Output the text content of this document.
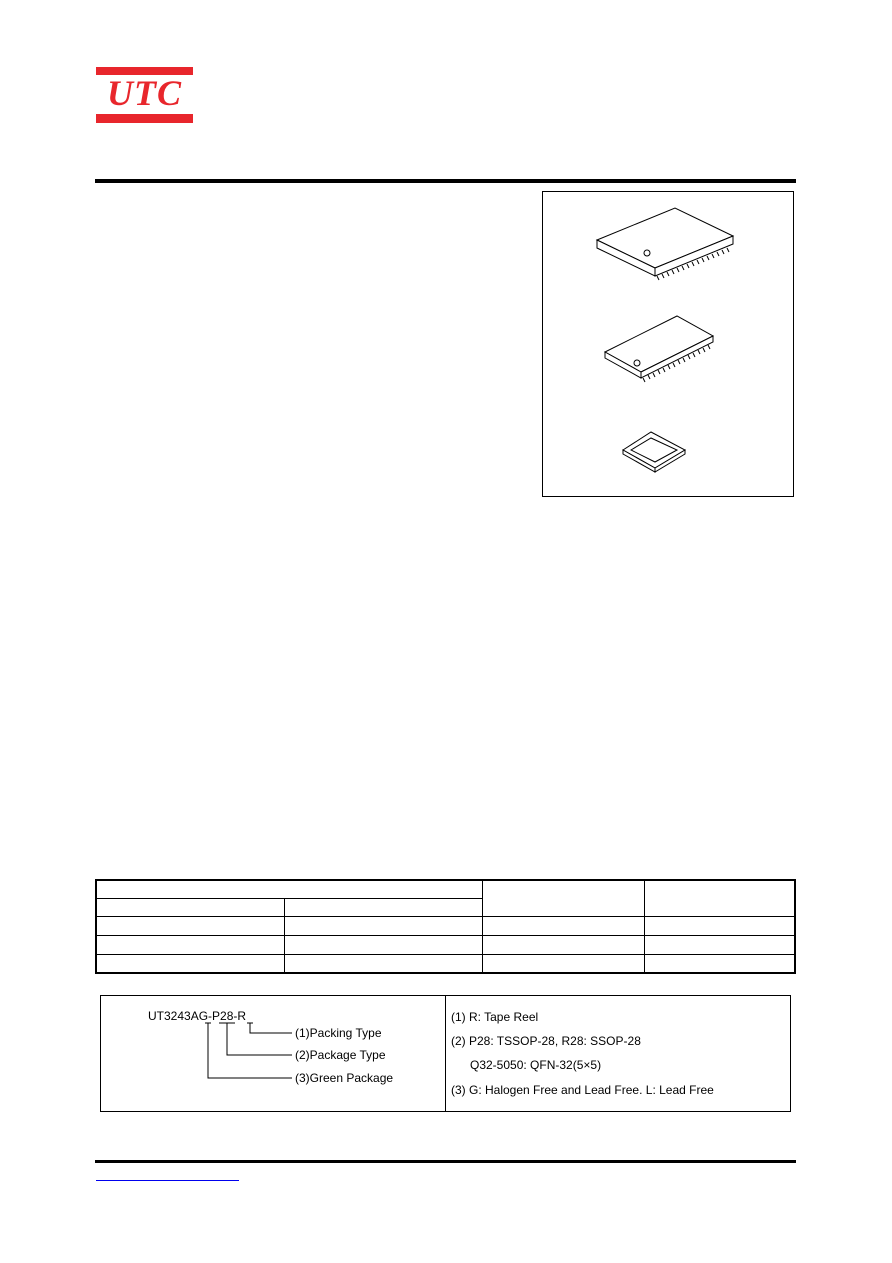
UTC

UT3243AG-P28-R
(1)Packing Type
(2)Package Type
(3)Green Package
(1) R: Tape Reel
(2) P28: TSSOP-28, R28: SSOP-28
Q32-5050: QFN-32(5×5)
(3) G: Halogen Free and Lead Free. L: Lead Free
